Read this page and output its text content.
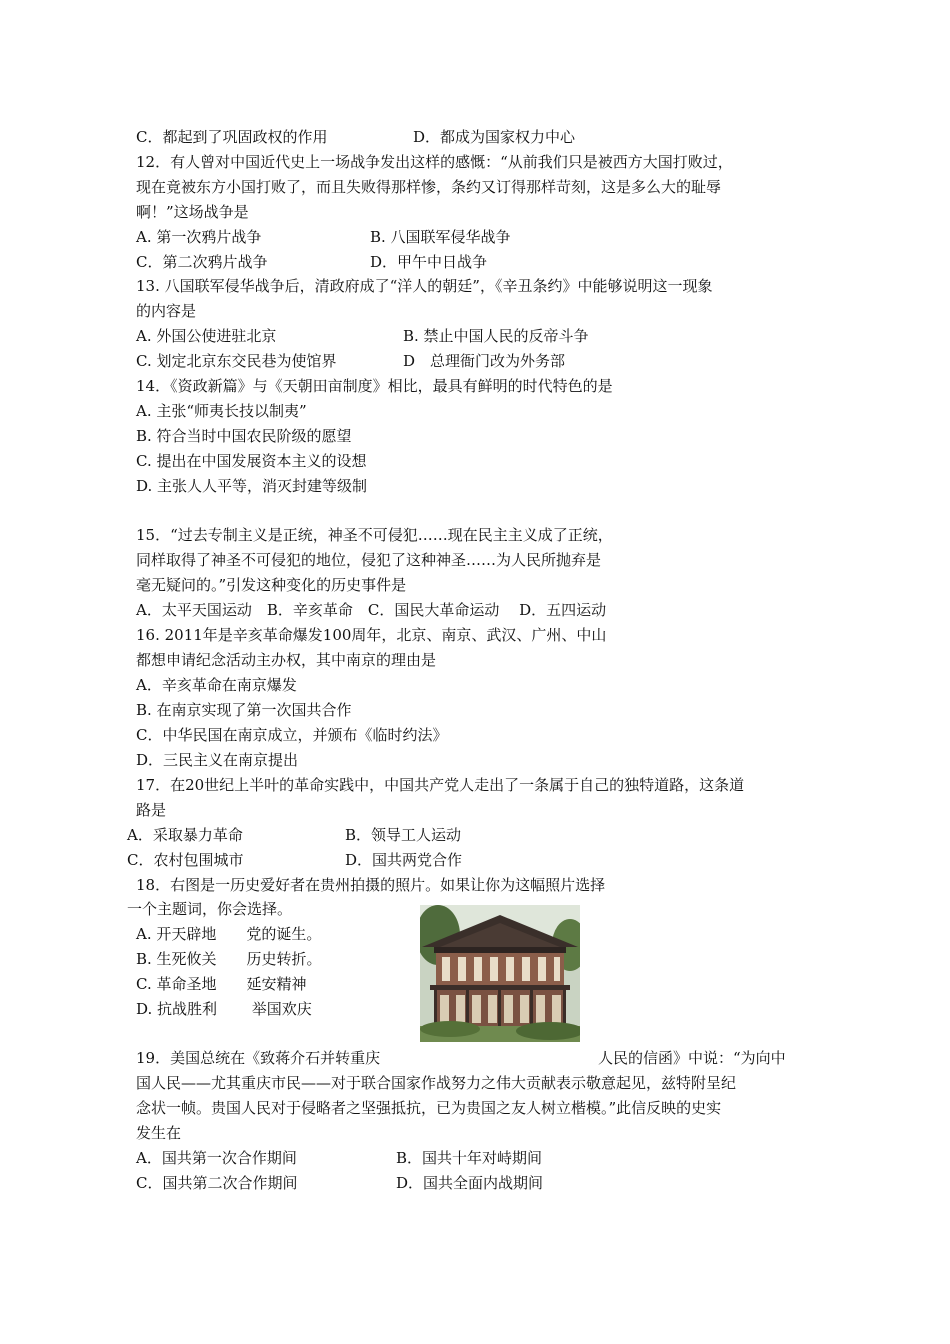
C．都起到了巩固政权的作用	D．都成为国家权力中心
12．有人曾对中国近代史上一场战争发出这样的感慨：“从前我们只是被西方大国打败过，
现在竟被东方小国打败了，而且失败得那样惨，条约又订得那样苛刻，这是多么大的耻辱
啊！”这场战争是
A. 第一次鸦片战争	B. 八国联军侵华战争
C．第二次鸦片战争	D．甲午中日战争
13. 八国联军侵华战争后，清政府成了“洋人的朝廷”，《辛丑条约》中能够说明这一现象
的内容是
A. 外国公使进驻北京	B. 禁止中国人民的反帝斗争
C. 划定北京东交民巷为使馆界	D　总理衙门改为外务部
14．《资政新篇》与《天朝田亩制度》相比，最具有鲜明的时代特色的是
A. 主张“师夷长技以制夷”
B. 符合当时中国农民阶级的愿望
C. 提出在中国发展资本主义的设想
D. 主张人人平等，消灭封建等级制
15．“过去专制主义是正统，神圣不可侵犯……现在民主主义成了正统，
同样取得了神圣不可侵犯的地位，侵犯了这种神圣……为人民所抛弃是
毫无疑问的。”引发这种变化的历史事件是
A．太平天国运动　B．辛亥革命　C．国民大革命运动　 D．五四运动
16. 2011年是辛亥革命爆发100周年，北京、南京、武汉、广州、中山
都想申请纪念活动主办权，其中南京的理由是
A．辛亥革命在南京爆发
B. 在南京实现了第一次国共合作
C．中华民国在南京成立，并颁布《临时约法》
D．三民主义在南京提出
17．在20世纪上半叶的革命实践中，中国共产党人走出了一条属于自己的独特道路，这条道
路是
A．采取暴力革命	B．领导工人运动
C．农村包围城市	D．国共两党合作
18．右图是一历史爱好者在贵州拍摄的照片。如果让你为这幅照片选择
一个主题词，你会选择。
A. 开天辟地　　党的诞生。
B. 生死攸关　　历史转折。
C. 革命圣地　　延安精神
D. 抗战胜利　　 举国欢庆
19．美国总统在《致蒋介石并转重庆	人民的信函》中说：“为向中
国人民——尤其重庆市民——对于联合国家作战努力之伟大贡献表示敬意起见，兹特附呈纪
念状一帧。贵国人民对于侵略者之坚强抵抗，已为贵国之友人树立楷模。”此信反映的史实
发生在
A．国共第一次合作期间	B．国共十年对峙期间
C．国共第二次合作期间	D．国共全面内战期间
